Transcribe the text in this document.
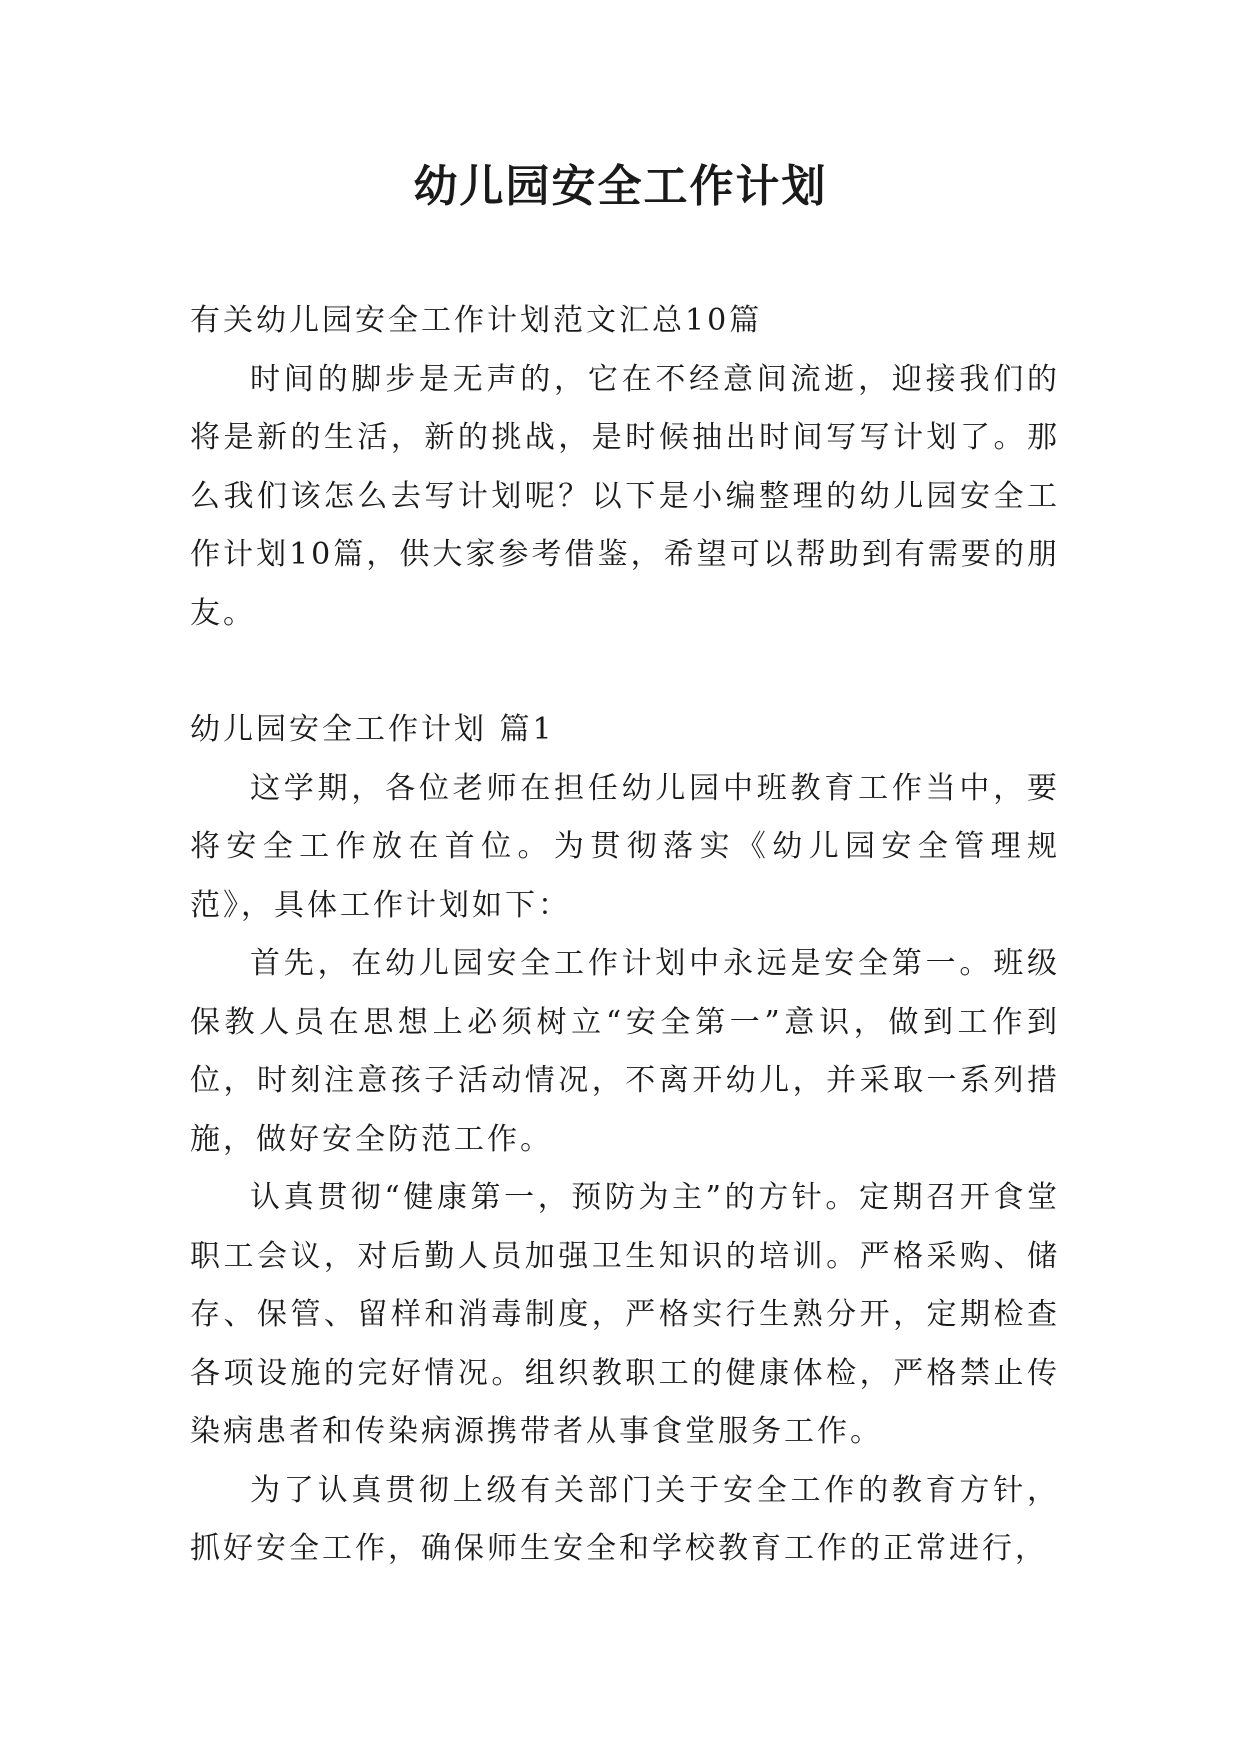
幼儿园安全工作计划

有关幼儿园安全工作计划范文汇总10篇

时间的脚步是无声的，它在不经意间流逝，迎接我们的将是新的生活，新的挑战，是时候抽出时间写写计划了。那么我们该怎么去写计划呢？以下是小编整理的幼儿园安全工作计划10篇，供大家参考借鉴，希望可以帮助到有需要的朋友。

幼儿园安全工作计划 篇1

这学期，各位老师在担任幼儿园中班教育工作当中，要将安全工作放在首位。为贯彻落实《幼儿园安全管理规范》，具体工作计划如下：

首先，在幼儿园安全工作计划中永远是安全第一。班级保教人员在思想上必须树立“安全第一”意识，做到工作到位，时刻注意孩子活动情况，不离开幼儿，并采取一系列措施，做好安全防范工作。

认真贯彻“健康第一，预防为主”的方针。定期召开食堂职工会议，对后勤人员加强卫生知识的培训。严格采购、储存、保管、留样和消毒制度，严格实行生熟分开，定期检查各项设施的完好情况。组织教职工的健康体检，严格禁止传染病患者和传染病源携带者从事食堂服务工作。

为了认真贯彻上级有关部门关于安全工作的教育方针，抓好安全工作，确保师生安全和学校教育工作的正常进行，
